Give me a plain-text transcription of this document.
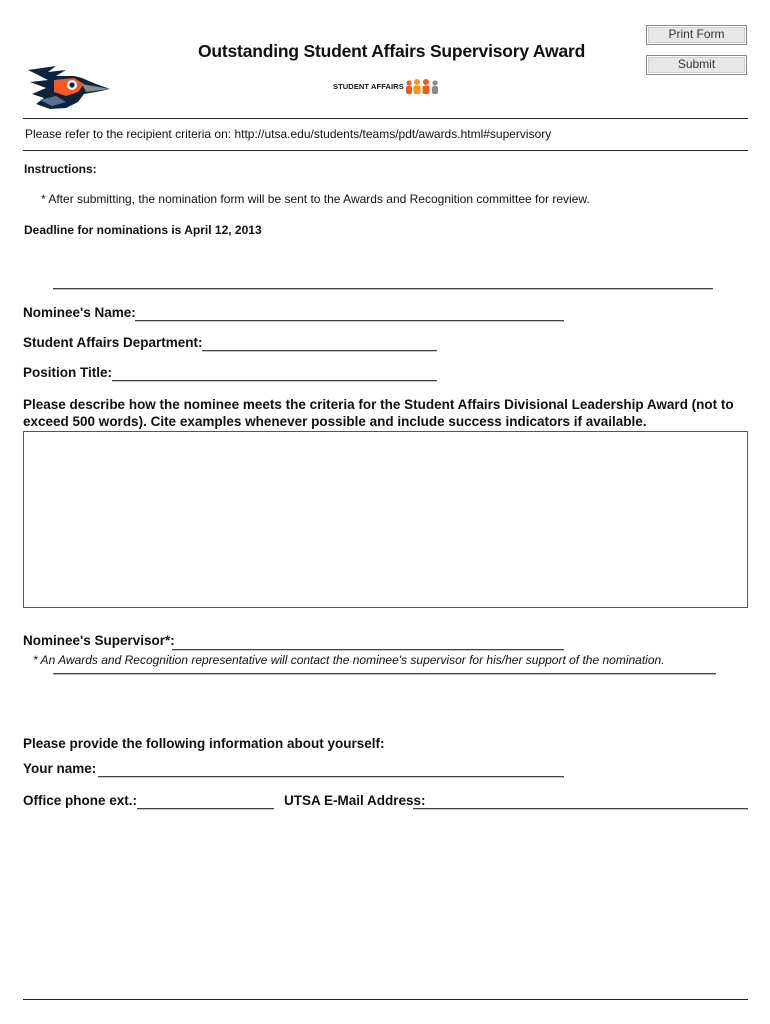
Outstanding Student Affairs Supervisory Award
STUDENT AFFAIRS
Print Form
Submit
Please refer to the recipient criteria on: http://utsa.edu/students/teams/pdt/awards.html#supervisory
Instructions:
* After submitting, the nomination form will be sent to the Awards and Recognition committee for review.
Deadline for nominations is April 12, 2013
Nominee's Name:
Student Affairs Department:
Position Title:
Please describe how the nominee meets the criteria for the Student Affairs Divisional Leadership Award (not to
exceed 500 words). Cite examples whenever possible and include success indicators if available.
Nominee's Supervisor*:
* An Awards and Recognition representative will contact the nominee's supervisor for his/her support of the nomination.
Please provide the following information about yourself:
Your name:
Office phone ext.:	UTSA E-Mail Address:
